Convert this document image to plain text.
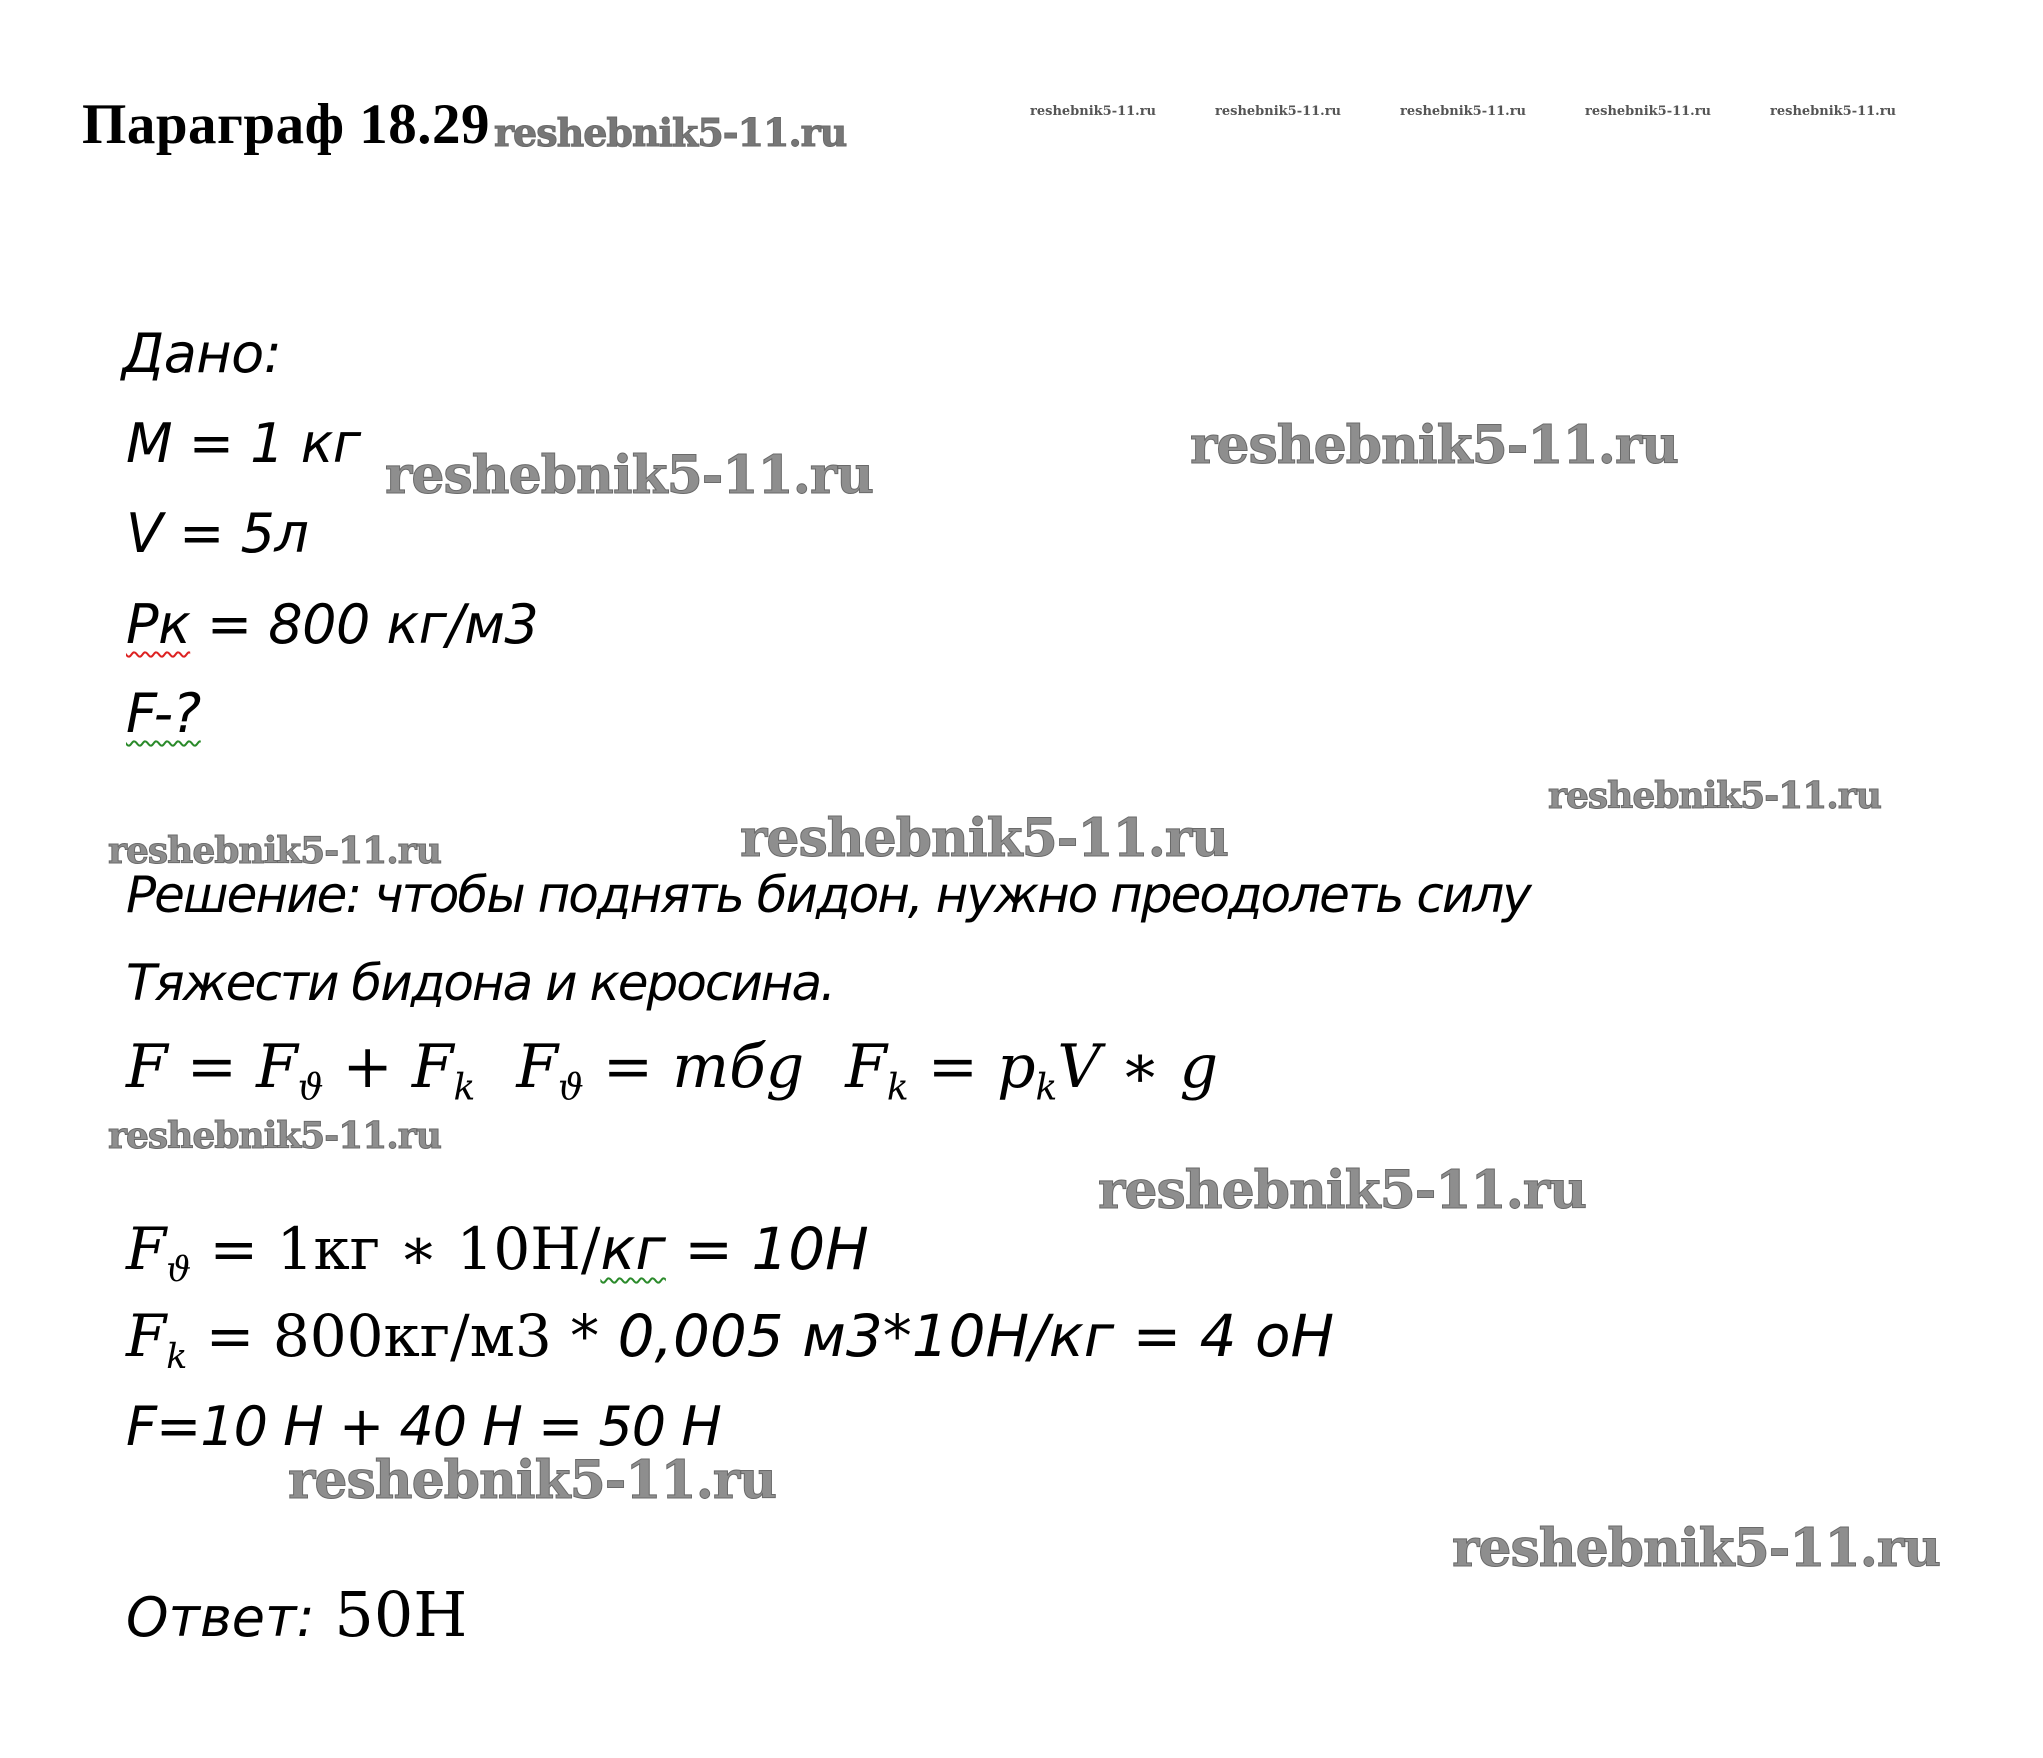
Параграф 18.29 reshebnik5-11.ru	reshebnik5-11.ru	reshebnik5-11.ru	reshebnik5-11.ru	reshebnik5-11.ru	reshebnik5-11.ru
Дано:
M = 1 кг
V = 5л
Pк = 800 кг/м3
F-?
reshebnik5-11.ru	reshebnik5-11.ru
reshebnik5-11.ru
reshebnik5-11.ru	reshebnik5-11.ru
Решение: чтобы поднять бидон, нужно преодолеть силу
Тяжести бидона и керосина.
$F = F_ϑ + F_k$ $F_ϑ$ = mбg $F_k = p_kV$ ∗ g
reshebnik5-11.ru
reshebnik5-11.ru
$F_ϑ = 1кг$ ∗ 10Н/кг = 10Н
$F_k = 800кг/м3 * 0,005$ м3*10Н/кг = 4 оН
F=10 Н + 40 Н = 50 Н
reshebnik5-11.ru
reshebnik5-11.ru
Ответ: 50Н
